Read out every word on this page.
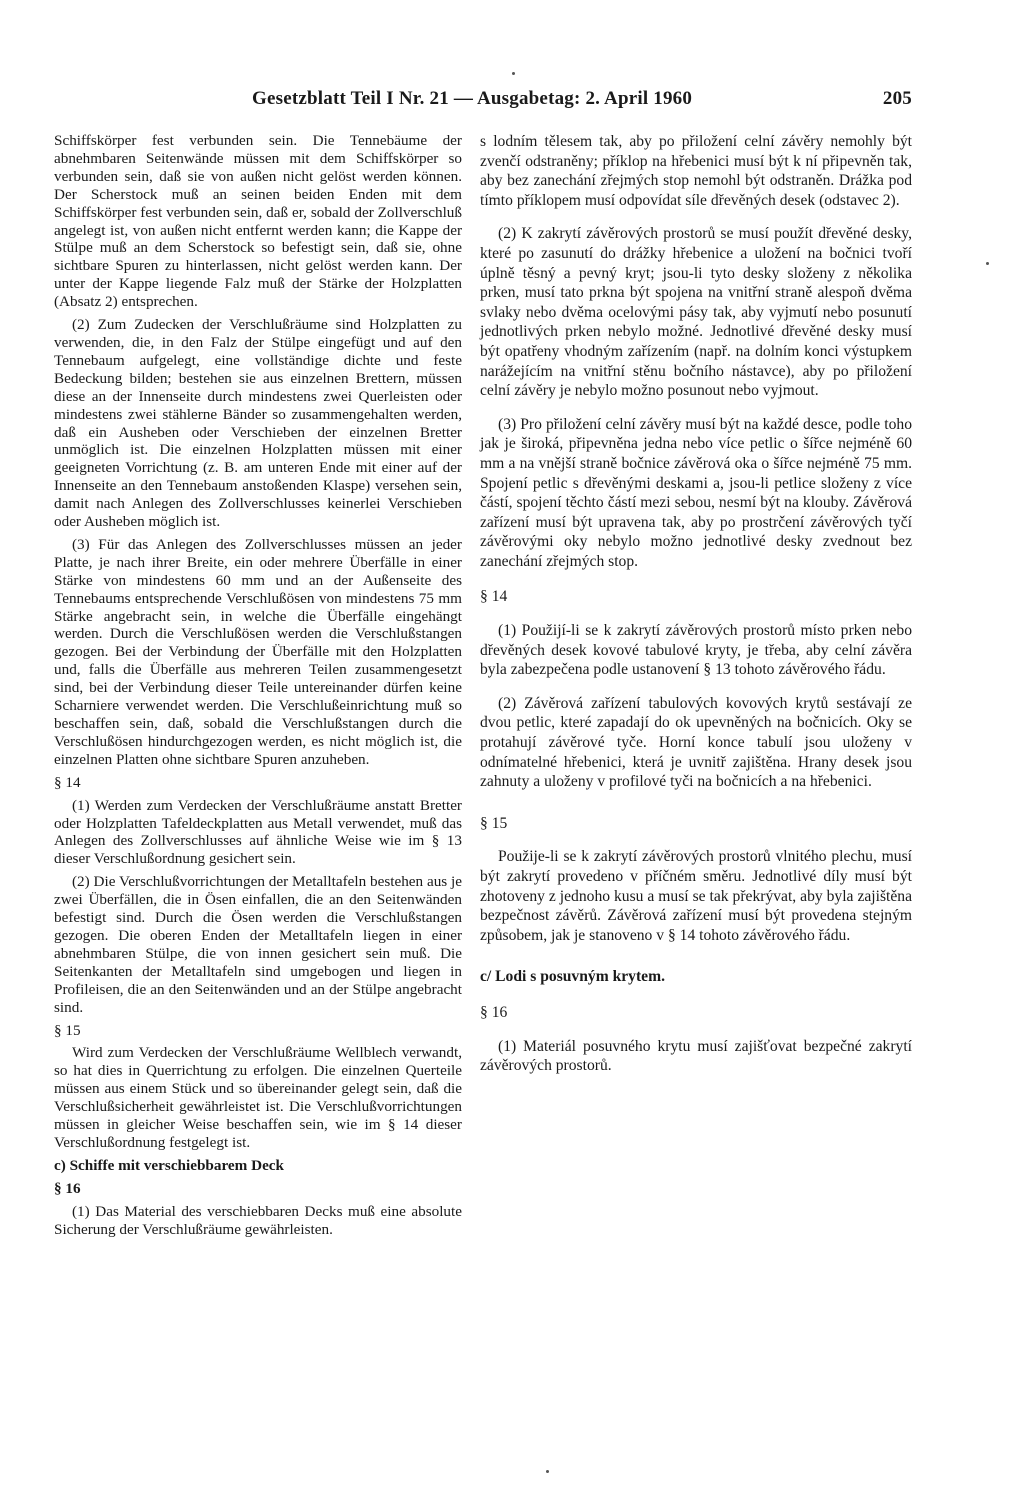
Gesetzblatt Teil I Nr. 21 — Ausgabetag: 2. April 1960	205

Schiffskörper fest verbunden sein. Die Tennebäume der abnehmbaren Seitenwände müssen mit dem Schiffskörper so verbunden sein, daß sie von außen nicht gelöst werden können. Der Scherstock muß an seinen beiden Enden mit dem Schiffskörper fest verbunden sein, daß er, sobald der Zollverschluß angelegt ist, von außen nicht entfernt werden kann; die Kappe der Stülpe muß an dem Scherstock so befestigt sein, daß sie, ohne sichtbare Spuren zu hinterlassen, nicht gelöst werden kann. Der unter der Kappe liegende Falz muß der Stärke der Holzplatten (Absatz 2) entsprechen.

(2) Zum Zudecken der Verschlußräume sind Holzplatten zu verwenden, die, in den Falz der Stülpe eingefügt und auf den Tennebaum aufgelegt, eine vollständige dichte und feste Bedeckung bilden; bestehen sie aus einzelnen Brettern, müssen diese an der Innenseite durch mindestens zwei Querleisten oder mindestens zwei stählerne Bänder so zusammengehalten werden, daß ein Ausheben oder Verschieben der einzelnen Bretter unmöglich ist. Die einzelnen Holzplatten müssen mit einer geeigneten Vorrichtung (z. B. am unteren Ende mit einer auf der Innenseite an den Tennebaum anstoßenden Klaspe) versehen sein, damit nach Anlegen des Zollverschlusses keinerlei Verschieben oder Ausheben möglich ist.

(3) Für das Anlegen des Zollverschlusses müssen an jeder Platte, je nach ihrer Breite, ein oder mehrere Überfälle in einer Stärke von mindestens 60 mm und an der Außenseite des Tennebaums entsprechende Verschlußösen von mindestens 75 mm Stärke angebracht sein, in welche die Überfälle eingehängt werden. Durch die Verschlußösen werden die Verschlußstangen gezogen. Bei der Verbindung der Überfälle mit den Holzplatten und, falls die Überfälle aus mehreren Teilen zusammengesetzt sind, bei der Verbindung dieser Teile untereinander dürfen keine Scharniere verwendet werden. Die Verschlußeinrichtung muß so beschaffen sein, daß, sobald die Verschlußstangen durch die Verschlußösen hindurchgezogen werden, es nicht möglich ist, die einzelnen Platten ohne sichtbare Spuren anzuheben.

§ 14

(1) Werden zum Verdecken der Verschlußräume anstatt Bretter oder Holzplatten Tafeldeckplatten aus Metall verwendet, muß das Anlegen des Zollverschlusses auf ähnliche Weise wie im § 13 dieser Verschlußordnung gesichert sein.

(2) Die Verschlußvorrichtungen der Metalltafeln bestehen aus je zwei Überfällen, die in Ösen einfallen, die an den Seitenwänden befestigt sind. Durch die Ösen werden die Verschlußstangen gezogen. Die oberen Enden der Metalltafeln liegen in einer abnehmbaren Stülpe, die von innen gesichert sein muß. Die Seitenkanten der Metalltafeln sind umgebogen und liegen in Profileisen, die an den Seitenwänden und an der Stülpe angebracht sind.

§ 15

Wird zum Verdecken der Verschlußräume Wellblech verwandt, so hat dies in Querrichtung zu erfolgen. Die einzelnen Querteile müssen aus einem Stück und so übereinander gelegt sein, daß die Verschlußsicherheit gewährleistet ist. Die Verschlußvorrichtungen müssen in gleicher Weise beschaffen sein, wie im § 14 dieser Verschlußordnung festgelegt ist.

c) Schiffe mit verschiebbarem Deck

§ 16

(1) Das Material des verschiebbaren Decks muß eine absolute Sicherung der Verschlußräume gewährleisten.

s lodním tělesem tak, aby po přiložení celní závěry nemohly být zvenčí odstraněny; příklop na hřebenici musí být k ní připevněn tak, aby bez zanechání zřejmých stop nemohl být odstraněn. Drážka pod tímto příklopem musí odpovídat síle dřevěných desek (odstavec 2).

(2) K zakrytí závěrových prostorů se musí použít dřevěné desky, které po zasunutí do drážky hřebenice a uložení na bočnici tvoří úplně těsný a pevný kryt; jsou-li tyto desky složeny z několika prken, musí tato prkna být spojena na vnitřní straně alespoň dvěma svlaky nebo dvěma ocelovými pásy tak, aby vyjmutí nebo posunutí jednotlivých prken nebylo možné. Jednotlivé dřevěné desky musí být opatřeny vhodným zařízením (např. na dolním konci výstupkem narážejícím na vnitřní stěnu bočního nástavce), aby po přiložení celní závěry je nebylo možno posunout nebo vyjmout.

(3) Pro přiložení celní závěry musí být na každé desce, podle toho jak je široká, připevněna jedna nebo více petlic o šířce nejméně 60 mm a na vnější straně bočnice závěrová oka o šířce nejméně 75 mm. Spojení petlic s dřevěnými deskami a, jsou-li petlice složeny z více částí, spojení těchto částí mezi sebou, nesmí být na klouby. Závěrová zařízení musí být upravena tak, aby po prostrčení závěrových tyčí závěrovými oky nebylo možno jednotlivé desky zvednout bez zanechání zřejmých stop.

§ 14

(1) Použijí-li se k zakrytí závěrových prostorů místo prken nebo dřevěných desek kovové tabulové kryty, je třeba, aby celní závěra byla zabezpečena podle ustanovení § 13 tohoto závěrového řádu.

(2) Závěrová zařízení tabulových kovových krytů sestávají ze dvou petlic, které zapadají do ok upevněných na bočnicích. Oky se protahují závěrové tyče. Horní konce tabulí jsou uloženy v odnímatelné hřebenici, která je uvnitř zajištěna. Hrany desek jsou zahnuty a uloženy v profilové tyči na bočnicích a na hřebenici.

§ 15

Použije-li se k zakrytí závěrových prostorů vlnitého plechu, musí být zakrytí provedeno v příčném směru. Jednotlivé díly musí být zhotoveny z jednoho kusu a musí se tak překrývat, aby byla zajištěna bezpečnost závěrů. Závěrová zařízení musí být provedena stejným způsobem, jak je stanoveno v § 14 tohoto závěrového řádu.

c/ Lodi s posuvným krytem.

§ 16

(1) Materiál posuvného krytu musí zajišťovat bezpečné zakrytí závěrových prostorů.
